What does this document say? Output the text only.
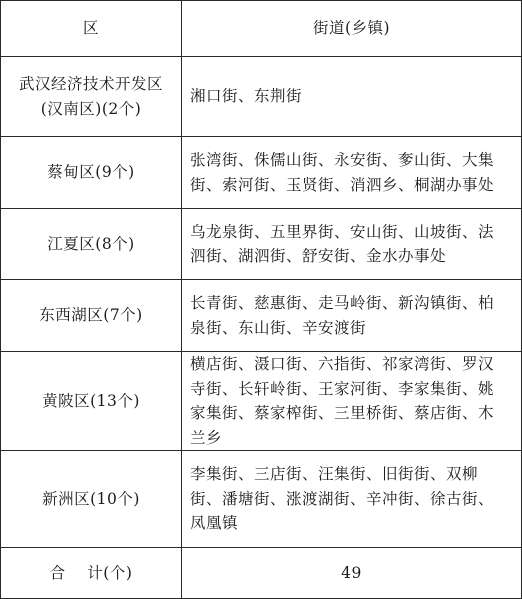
区	街道(乡镇)

武汉经济技术开发区
(汉南区)(2个)	湘口街、东荆街

蔡甸区(9个)	张湾街、侏儒山街、永安街、奓山街、大集
街、索河街、玉贤街、消泗乡、桐湖办事处

江夏区(8个)	乌龙泉街、五里界街、安山街、山坡街、法
泗街、湖泗街、舒安街、金水办事处

东西湖区(7个)	长青街、慈惠街、走马岭街、新沟镇街、柏
泉街、东山街、辛安渡街

黄陂区(13个)	横店街、滠口街、六指街、祁家湾街、罗汉
寺街、长轩岭街、王家河街、李家集街、姚
家集街、蔡家榨街、三里桥街、蔡店街、木
兰乡

新洲区(10个)	李集街、三店街、汪集街、旧街街、双柳
街、潘塘街、涨渡湖街、辛冲街、徐古街、
凤凰镇

合    计(个)	49
